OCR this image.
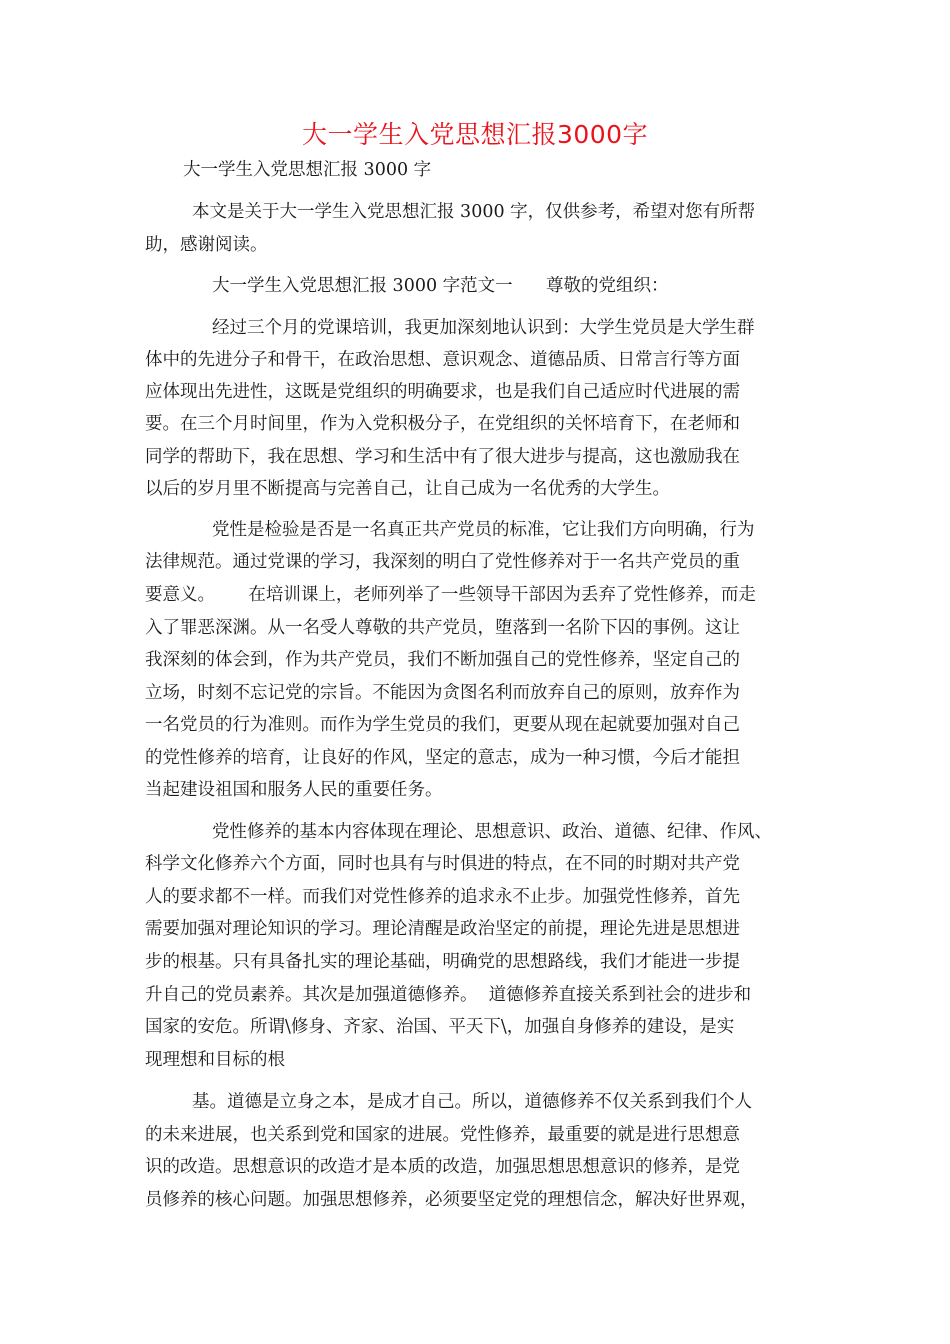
大一学生入党思想汇报3000字
大一学生入党思想汇报 3000 字
本文是关于大一学生入党思想汇报 3000 字，仅供参考，希望对您有所帮
助，感谢阅读。
大一学生入党思想汇报 3000 字范文一      尊敬的党组织：
经过三个月的党课培训，我更加深刻地认识到：大学生党员是大学生群
体中的先进分子和骨干，在政治思想、意识观念、道德品质、日常言行等方面
应体现出先进性，这既是党组织的明确要求，也是我们自己适应时代进展的需
要。在三个月时间里，作为入党积极分子，在党组织的关怀培育下，在老师和
同学的帮助下，我在思想、学习和生活中有了很大进步与提高，这也激励我在
以后的岁月里不断提高与完善自己，让自己成为一名优秀的大学生。
党性是检验是否是一名真正共产党员的标准，它让我们方向明确，行为
法律规范。通过党课的学习，我深刻的明白了党性修养对于一名共产党员的重
要意义。      在培训课上，老师列举了一些领导干部因为丢弃了党性修养，而走
入了罪恶深渊。从一名受人尊敬的共产党员，堕落到一名阶下囚的事例。这让
我深刻的体会到，作为共产党员，我们不断加强自己的党性修养，坚定自己的
立场，时刻不忘记党的宗旨。不能因为贪图名利而放弃自己的原则，放弃作为
一名党员的行为准则。而作为学生党员的我们，更要从现在起就要加强对自己
的党性修养的培育，让良好的作风，坚定的意志，成为一种习惯，今后才能担
当起建设祖国和服务人民的重要任务。
党性修养的基本内容体现在理论、思想意识、政治、道德、纪律、作风、
科学文化修养六个方面，同时也具有与时俱进的特点，在不同的时期对共产党
人的要求都不一样。而我们对党性修养的追求永不止步。加强党性修养，首先
需要加强对理论知识的学习。理论清醒是政治坚定的前提，理论先进是思想进
步的根基。只有具备扎实的理论基础，明确党的思想路线，我们才能进一步提
升自己的党员素养。其次是加强道德修养。  道德修养直接关系到社会的进步和
国家的安危。所谓\修身、齐家、治国、平天下\，加强自身修养的建设，是实
现理想和目标的根
基。道德是立身之本，是成才自己。所以，道德修养不仅关系到我们个人
的未来进展，也关系到党和国家的进展。党性修养，最重要的就是进行思想意
识的改造。思想意识的改造才是本质的改造，加强思想思想意识的修养，是党
员修养的核心问题。加强思想修养，必须要坚定党的理想信念，解决好世界观，
